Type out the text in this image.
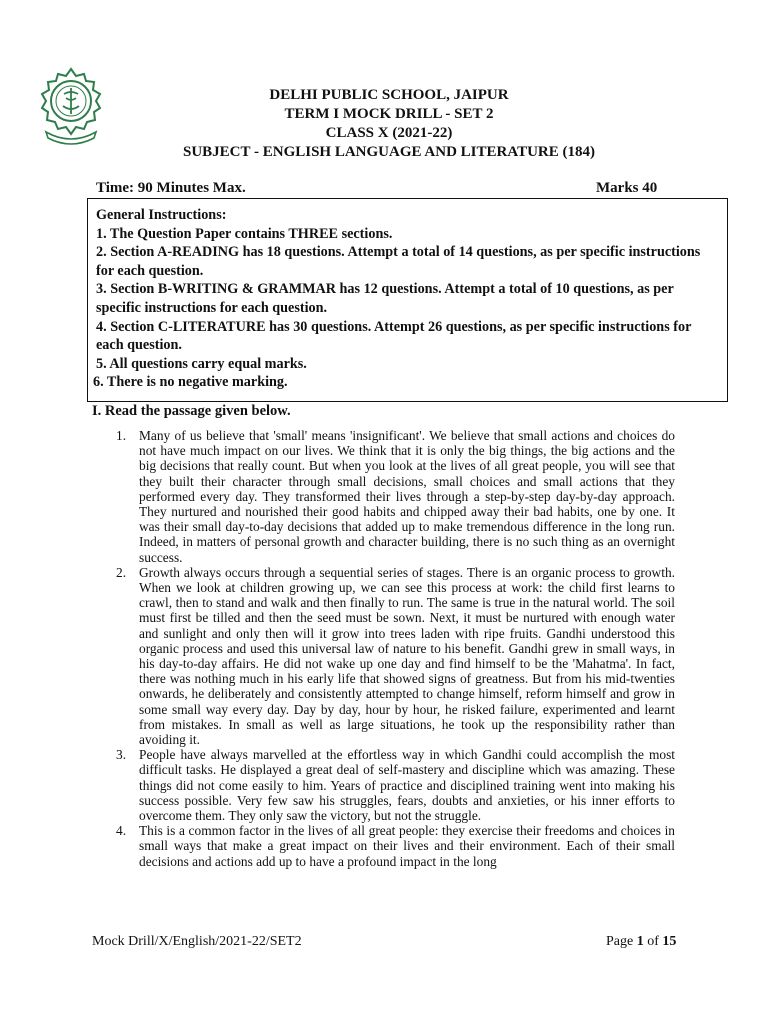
DELHI PUBLIC SCHOOL, JAIPUR
TERM I MOCK DRILL - SET 2
CLASS X (2021-22)
SUBJECT - ENGLISH LANGUAGE AND LITERATURE (184)
Time: 90 Minutes Max.	Marks 40
General Instructions:
1. The Question Paper contains THREE sections.
2. Section A-READING has 18 questions. Attempt a total of 14 questions, as per specific instructions for each question.
3. Section B-WRITING & GRAMMAR has 12 questions. Attempt a total of 10 questions, as per specific instructions for each question.
4. Section C-LITERATURE has 30 questions. Attempt 26 questions, as per specific instructions for each question.
5. All questions carry equal marks.
6. There is no negative marking.
I. Read the passage given below.
1. Many of us believe that 'small' means 'insignificant'. We believe that small actions and choices do not have much impact on our lives. We think that it is only the big things, the big actions and the big decisions that really count. But when you look at the lives of all great people, you will see that they built their character through small decisions, small choices and small actions that they performed every day. They transformed their lives through a step-by-step day-by-day approach. They nurtured and nourished their good habits and chipped away their bad habits, one by one. It was their small day-to-day decisions that added up to make tremendous difference in the long run. Indeed, in matters of personal growth and character building, there is no such thing as an overnight success.
2. Growth always occurs through a sequential series of stages. There is an organic process to growth. When we look at children growing up, we can see this process at work: the child first learns to crawl, then to stand and walk and then finally to run. The same is true in the natural world. The soil must first be tilled and then the seed must be sown. Next, it must be nurtured with enough water and sunlight and only then will it grow into trees laden with ripe fruits. Gandhi understood this organic process and used this universal law of nature to his benefit. Gandhi grew in small ways, in his day-to-day affairs. He did not wake up one day and find himself to be the 'Mahatma'. In fact, there was nothing much in his early life that showed signs of greatness. But from his mid-twenties onwards, he deliberately and consistently attempted to change himself, reform himself and grow in some small way every day. Day by day, hour by hour, he risked failure, experimented and learnt from mistakes. In small as well as large situations, he took up the responsibility rather than avoiding it.
3. People have always marvelled at the effortless way in which Gandhi could accomplish the most difficult tasks. He displayed a great deal of self-mastery and discipline which was amazing. These things did not come easily to him. Years of practice and disciplined training went into making his success possible. Very few saw his struggles, fears, doubts and anxieties, or his inner efforts to overcome them. They only saw the victory, but not the struggle.
4. This is a common factor in the lives of all great people: they exercise their freedoms and choices in small ways that make a great impact on their lives and their environment. Each of their small decisions and actions add up to have a profound impact in the long
Mock Drill/X/English/2021-22/SET2	Page 1 of 15
